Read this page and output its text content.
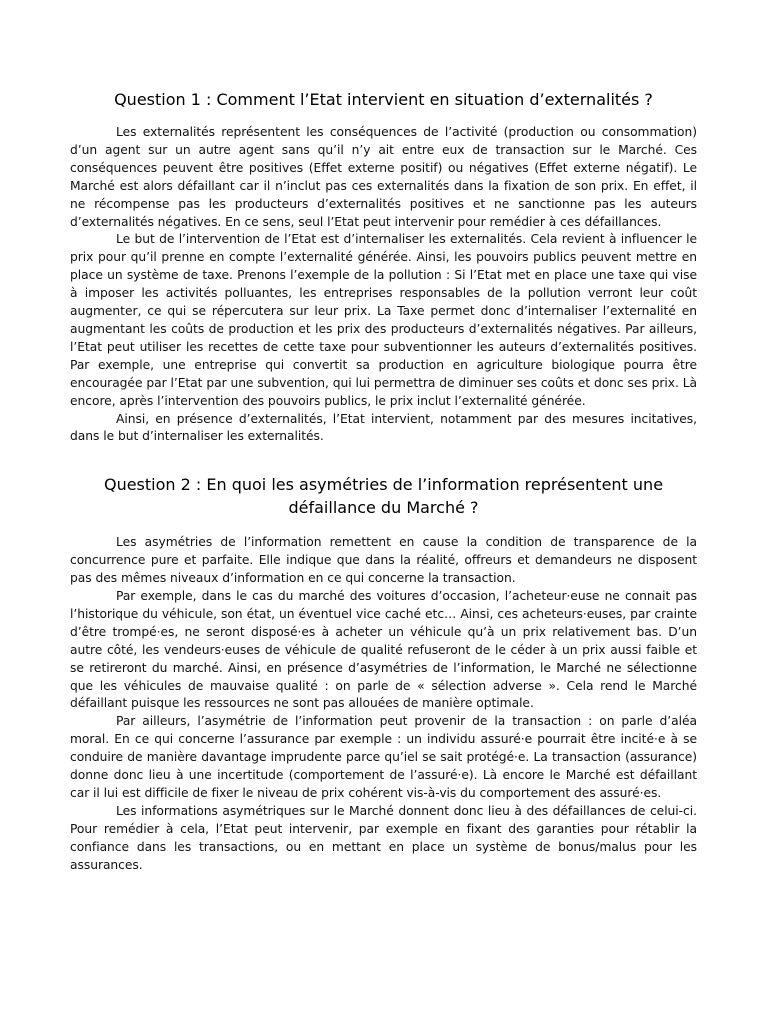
Question 1 : Comment l’Etat intervient en situation d’externalités ?

Les externalités représentent les conséquences de l’activité (production ou consommation) d’un agent sur un autre agent sans qu’il n’y ait entre eux de transaction sur le Marché. Ces conséquences peuvent être positives (Effet externe positif) ou négatives (Effet externe négatif). Le Marché est alors défaillant car il n’inclut pas ces externalités dans la fixation de son prix. En effet, il ne récompense pas les producteurs d’externalités positives et ne sanctionne pas les auteurs d’externalités négatives. En ce sens, seul l’Etat peut intervenir pour remédier à ces défaillances.

Le but de l’intervention de l’Etat est d’internaliser les externalités. Cela revient à influencer le prix pour qu’il prenne en compte l’externalité générée. Ainsi, les pouvoirs publics peuvent mettre en place un système de taxe. Prenons l’exemple de la pollution : Si l’Etat met en place une taxe qui vise à imposer les activités polluantes, les entreprises responsables de la pollution verront leur coût augmenter, ce qui se répercutera sur leur prix. La Taxe permet donc d’internaliser l’externalité en augmentant les coûts de production et les prix des producteurs d’externalités négatives. Par ailleurs, l’Etat peut utiliser les recettes de cette taxe pour subventionner les auteurs d’externalités positives. Par exemple, une entreprise qui convertit sa production en agriculture biologique pourra être encouragée par l’Etat par une subvention, qui lui permettra de diminuer ses coûts et donc ses prix. Là encore, après l’intervention des pouvoirs publics, le prix inclut l’externalité générée.

Ainsi, en présence d’externalités, l’Etat intervient, notamment par des mesures incitatives, dans le but d’internaliser les externalités.

Question 2 : En quoi les asymétries de l’information représentent une défaillance du Marché ?

Les asymétries de l’information remettent en cause la condition de transparence de la concurrence pure et parfaite. Elle indique que dans la réalité, offreurs et demandeurs ne disposent pas des mêmes niveaux d’information en ce qui concerne la transaction.

Par exemple, dans le cas du marché des voitures d’occasion, l’acheteur·euse ne connait pas l’historique du véhicule, son état, un éventuel vice caché etc… Ainsi, ces acheteurs·euses, par crainte d’être trompé·es, ne seront disposé·es à acheter un véhicule qu’à un prix relativement bas. D’un autre côté, les vendeurs·euses de véhicule de qualité refuseront de le céder à un prix aussi faible et se retireront du marché. Ainsi, en présence d’asymétries de l’information, le Marché ne sélectionne que les véhicules de mauvaise qualité : on parle de « sélection adverse ». Cela rend le Marché défaillant puisque les ressources ne sont pas allouées de manière optimale.

Par ailleurs, l’asymétrie de l’information peut provenir de la transaction : on parle d’aléa moral. En ce qui concerne l’assurance par exemple : un individu assuré·e pourrait être incité·e à se conduire de manière davantage imprudente parce qu’iel se sait protégé·e. La transaction (assurance) donne donc lieu à une incertitude (comportement de l’assuré·e). Là encore le Marché est défaillant car il lui est difficile de fixer le niveau de prix cohérent vis-à-vis du comportement des assuré·es.

Les informations asymétriques sur le Marché donnent donc lieu à des défaillances de celui-ci. Pour remédier à cela, l’Etat peut intervenir, par exemple en fixant des garanties pour rétablir la confiance dans les transactions, ou en mettant en place un système de bonus/malus pour les assurances.
